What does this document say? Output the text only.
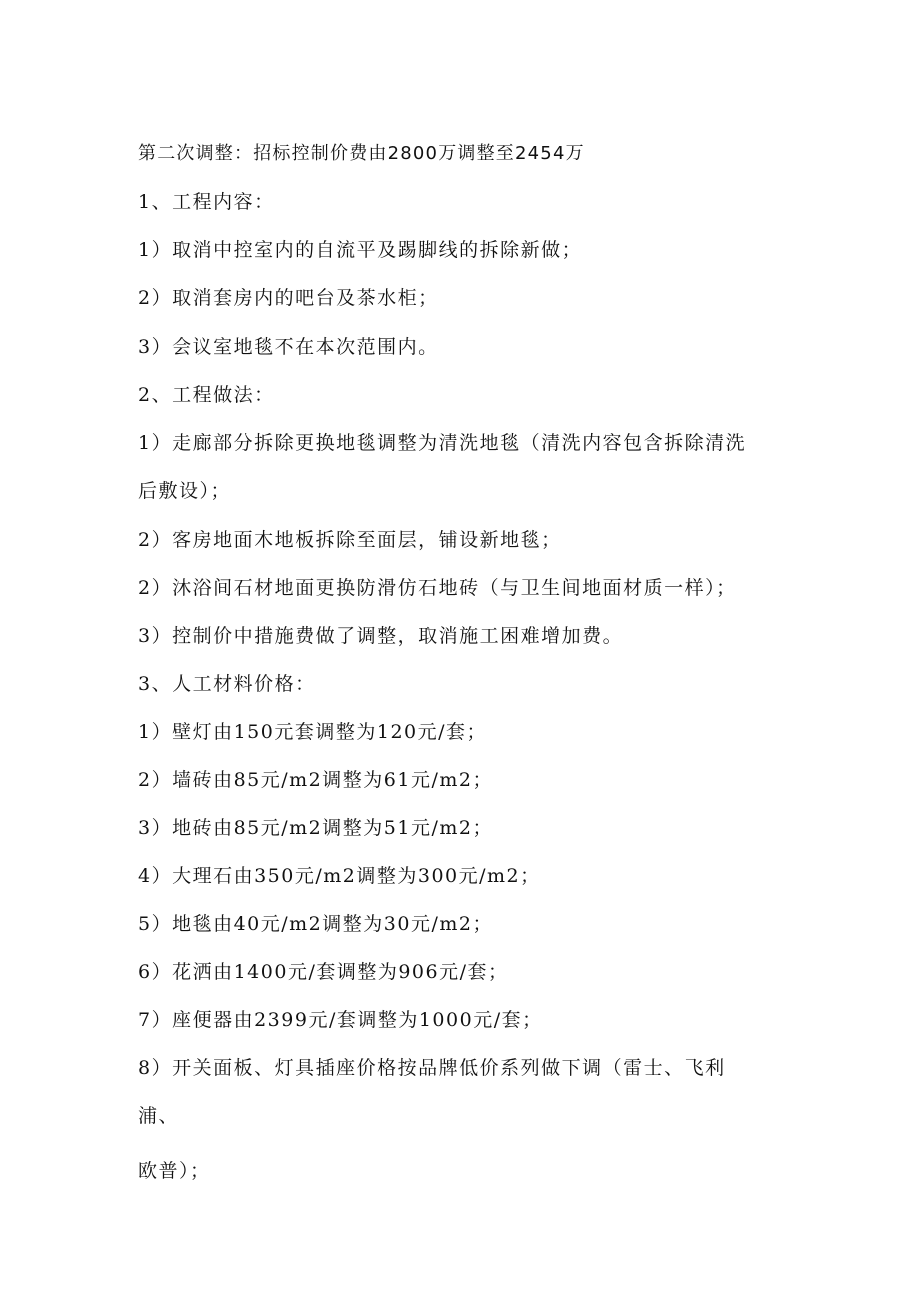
第二次调整：招标控制价费由2800万调整至2454万
1、工程内容：
1）取消中控室内的自流平及踢脚线的拆除新做；
2）取消套房内的吧台及茶水柜；
3）会议室地毯不在本次范围内。
2、工程做法：
1）走廊部分拆除更换地毯调整为清洗地毯（清洗内容包含拆除清洗
后敷设）；
2）客房地面木地板拆除至面层，铺设新地毯；
2）沐浴间石材地面更换防滑仿石地砖（与卫生间地面材质一样）；
3）控制价中措施费做了调整，取消施工困难增加费。
3、人工材料价格：
1）壁灯由150元套调整为120元/套；
2）墙砖由85元/m2调整为61元/m2；
3）地砖由85元/m2调整为51元/m2；
4）大理石由350元/m2调整为300元/m2；
5）地毯由40元/m2调整为30元/m2；
6）花洒由1400元/套调整为906元/套；
7）座便器由2399元/套调整为1000元/套；
8）开关面板、灯具插座价格按品牌低价系列做下调（雷士、飞利
浦、
欧普）；
